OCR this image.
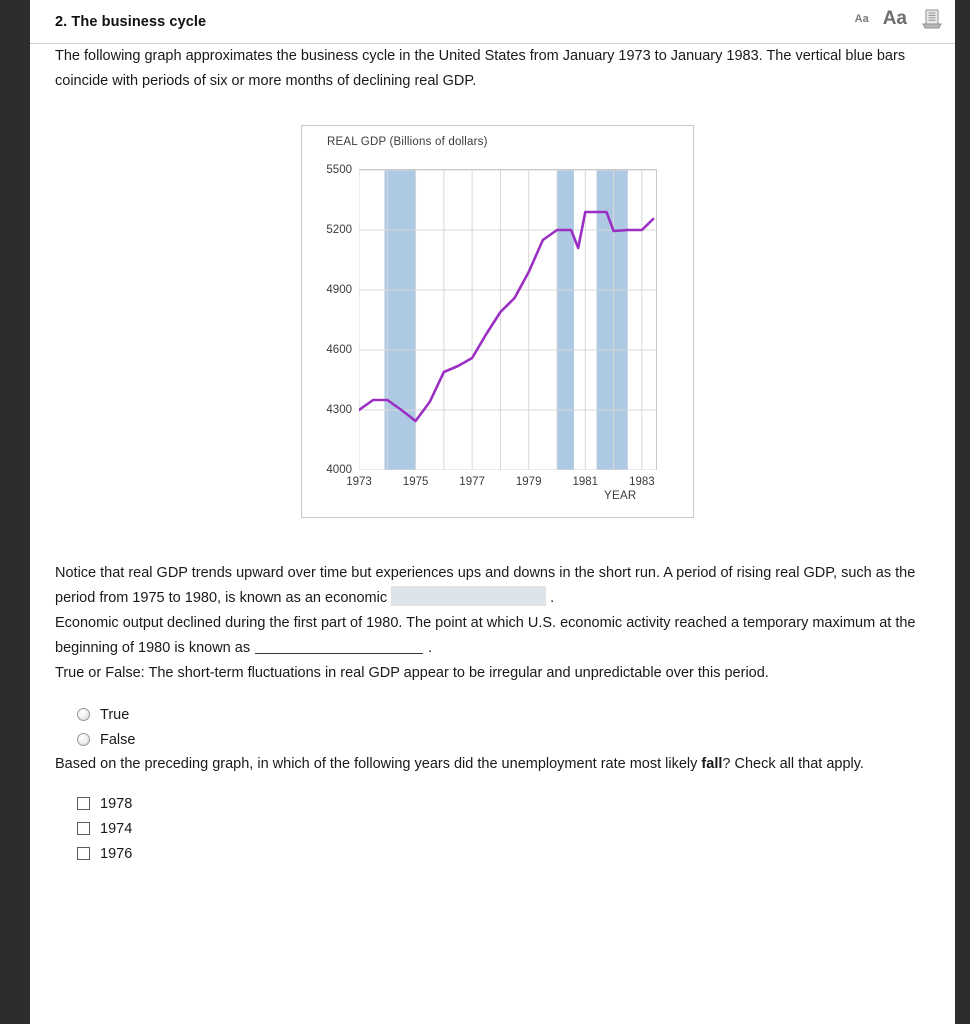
2. The business cycle	Aa Aa

The following graph approximates the business cycle in the United States from January 1973 to January 1983. The vertical blue bars coincide with periods of six or more months of declining real GDP.

REAL GDP (Billions of dollars)
4000
4300
4600
4900
5200
5500
1973	1975	1977	1979	1981	1983
YEAR

Notice that real GDP trends upward over time but experiences ups and downs in the short run. A period of rising real GDP, such as the period from 1975 to 1980, is known as an economic	.

Economic output declined during the first part of 1980. The point at which U.S. economic activity reached a temporary maximum at the beginning of 1980 is known as	.

True or False: The short-term fluctuations in real GDP appear to be irregular and unpredictable over this period.

True
False

Based on the preceding graph, in which of the following years did the unemployment rate most likely fall? Check all that apply.

1978
1974
1976
